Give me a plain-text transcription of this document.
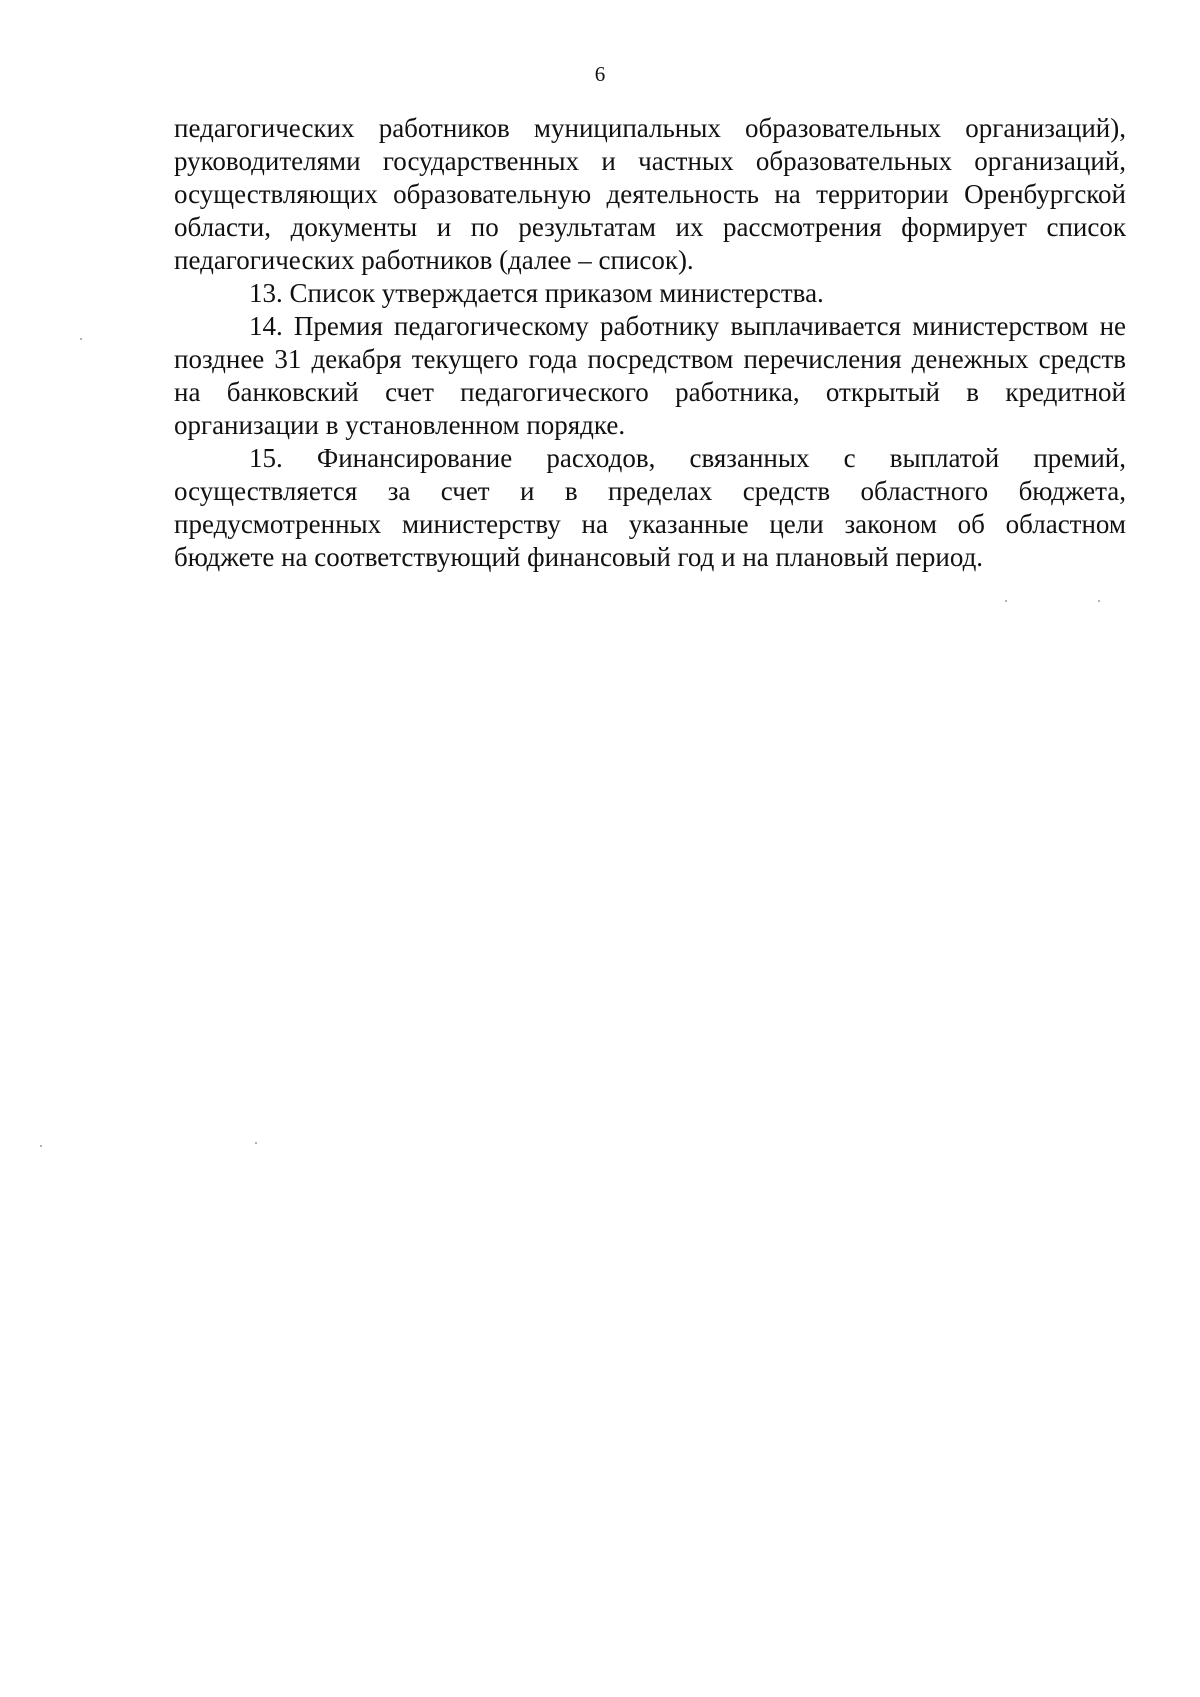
6

педагогических работников муниципальных образовательных организаций), руководителями государственных и частных образовательных организаций, осуществляющих образовательную деятельность на территории Оренбургской области, документы и по результатам их рассмотрения формирует список педагогических работников (далее – список).

13. Список утверждается приказом министерства.

14. Премия педагогическому работнику выплачивается министерством не позднее 31 декабря текущего года посредством перечисления денежных средств на банковский счет педагогического работника, открытый в кредитной организации в установленном порядке.

15. Финансирование расходов, связанных с выплатой премий, осуществляется за счет и в пределах средств областного бюджета, предусмотренных министерству на указанные цели законом об областном бюджете на соответствующий финансовый год и на плановый период.
